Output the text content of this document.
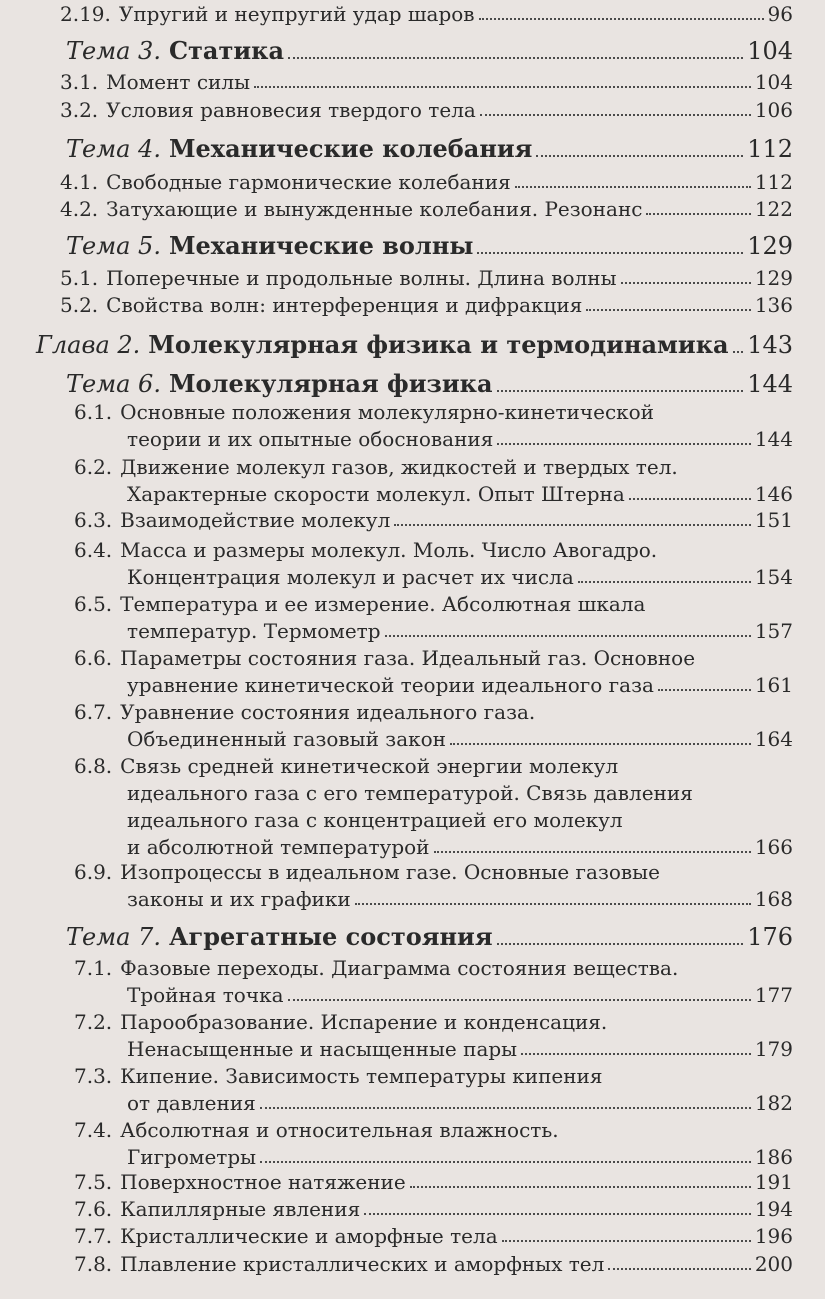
2.19. Упругий и неупругий удар шаров	96
Тема 3. Статика	104
3.1. Момент силы	104
3.2. Условия равновесия твердого тела	106
Тема 4. Механические колебания	112
4.1. Свободные гармонические колебания	112
4.2. Затухающие и вынужденные колебания. Резонанс	122
Тема 5. Механические волны	129
5.1. Поперечные и продольные волны. Длина волны	129
5.2. Свойства волн: интерференция и дифракция	136
Глава 2. Молекулярная физика и термодинамика 143
Тема 6. Молекулярная физика	144
6.1. Основные положения молекулярно-кинетической
теории и их опытные обоснования	144
6.2. Движение молекул газов, жидкостей и твердых тел.
Характерные скорости молекул. Опыт Штерна	146
6.3. Взаимодействие молекул	151
6.4. Масса и размеры молекул. Моль. Число Авогадро.
Концентрация молекул и расчет их числа	154
6.5. Температура и ее измерение. Абсолютная шкала
температур. Термометр	157
6.6. Параметры состояния газа. Идеальный газ. Основное
уравнение кинетической теории идеального газа	161
6.7. Уравнение состояния идеального газа.
Объединенный газовый закон	164
6.8. Связь средней кинетической энергии молекул
идеального газа с его температурой. Связь давления
идеального газа с концентрацией его молекул
и абсолютной температурой	166
6.9. Изопроцессы в идеальном газе. Основные газовые
законы и их графики	168
Тема 7. Агрегатные состояния	176
7.1. Фазовые переходы. Диаграмма состояния вещества.
Тройная точка	177
7.2. Парообразование. Испарение и конденсация.
Ненасыщенные и насыщенные пары	179
7.3. Кипение. Зависимость температуры кипения
от давления	182
7.4. Абсолютная и относительная влажность.
Гигрометры	186
7.5. Поверхностное натяжение	191
7.6. Капиллярные явления	194
7.7. Кристаллические и аморфные тела	196
7.8. Плавление кристаллических и аморфных тел	200
